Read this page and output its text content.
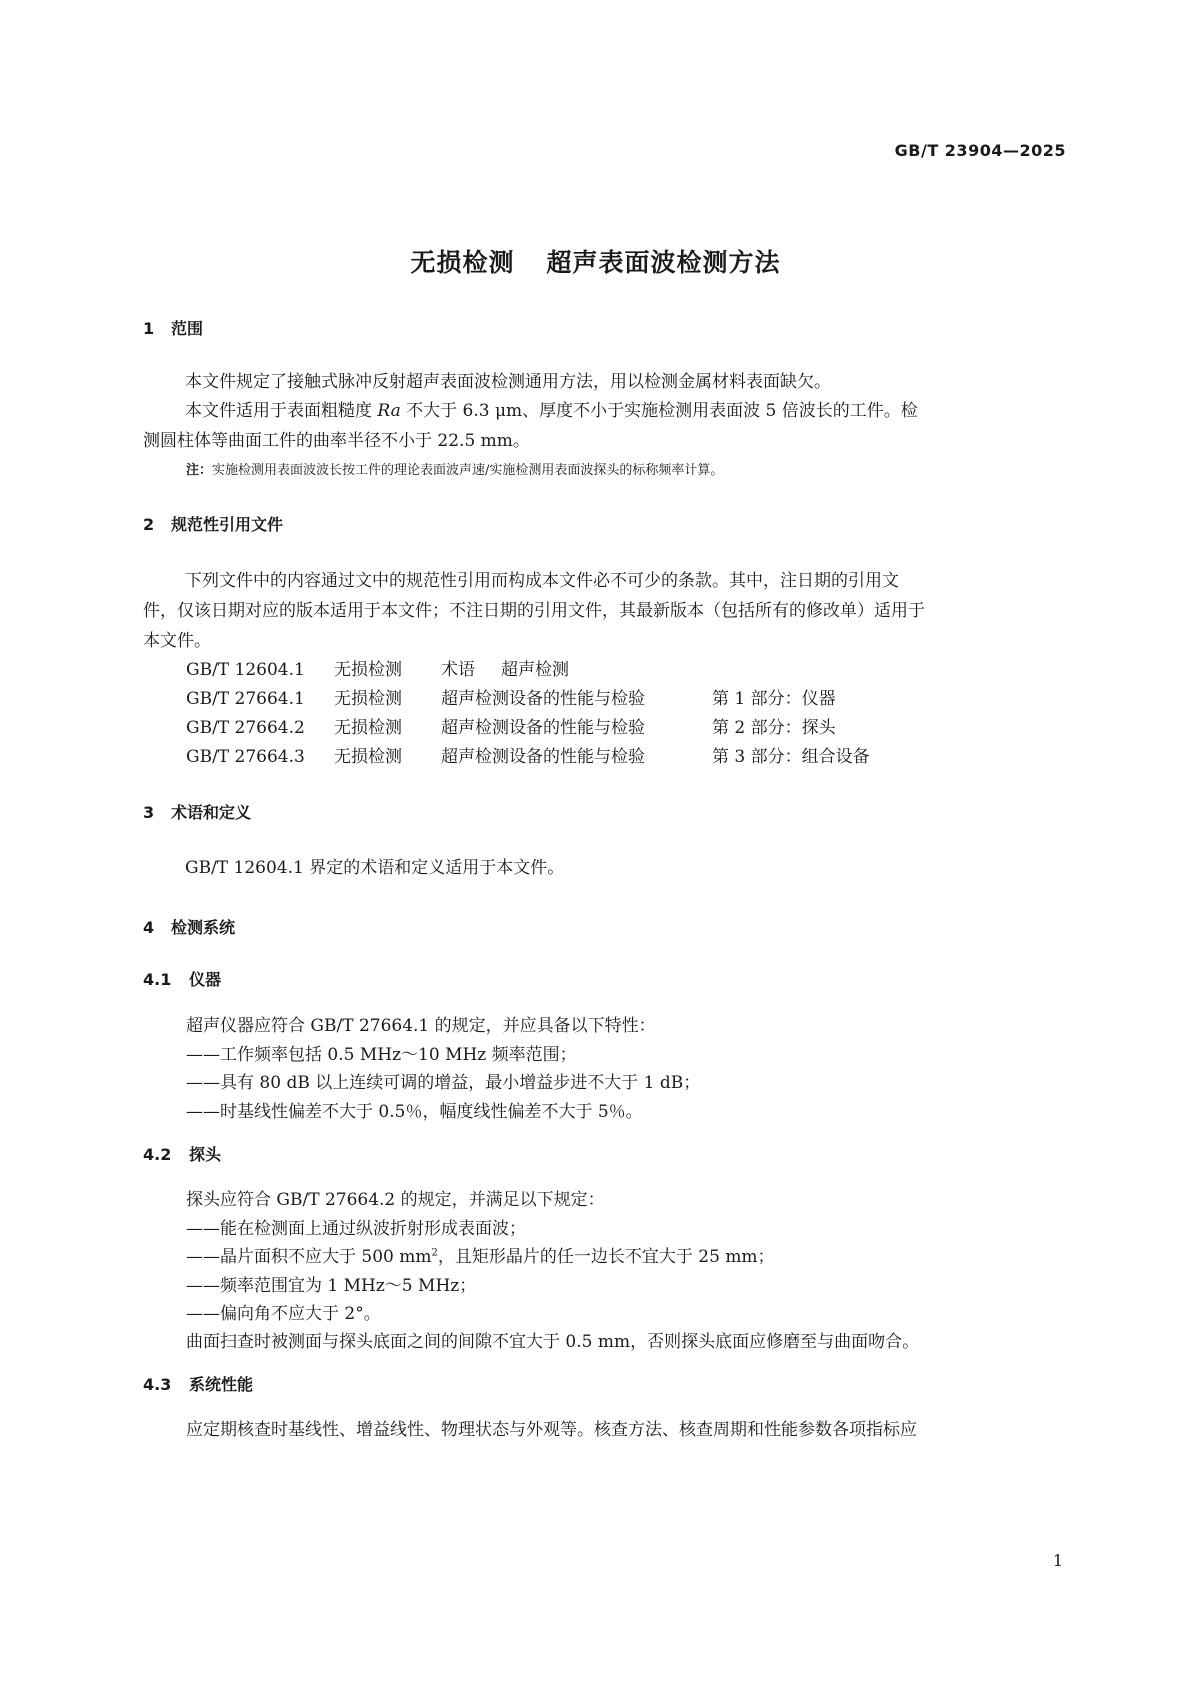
GB/T 23904—2025
无损检测 超声表面波检测方法
1 范围

本文件规定了接触式脉冲反射超声表面波检测通用方法，用以检测金属材料表面缺欠。

本文件适用于表面粗糙度 Ra 不大于 6.3 μm、厚度不小于实施检测用表面波 5 倍波长的工件。检
测圆柱体等曲面工件的曲率半径不小于 22.5 mm。

注：实施检测用表面波波长按工件的理论表面波声速/实施检测用表面波探头的标称频率计算。
2 规范性引用文件

下列文件中的内容通过文中的规范性引用而构成本文件必不可少的条款。其中，注日期的引用文
件，仅该日期对应的版本适用于本文件；不注日期的引用文件，其最新版本（包括所有的修改单）适用于
本文件。

GB/T 12604.1 无损检测 术语 超声检测
GB/T 27664.1 无损检测 超声检测设备的性能与检验	第 1 部分：仪器
GB/T 27664.2 无损检测 超声检测设备的性能与检验	第 2 部分：探头
GB/T 27664.3 无损检测 超声检测设备的性能与检验	第 3 部分：组合设备
3 术语和定义

GB/T 12604.1 界定的术语和定义适用于本文件。

4 检测系统
4.1 仪器
超声仪器应符合 GB/T 27664.1 的规定，并应具备以下特性：
——工作频率包括 0.5 MHz～10 MHz 频率范围；
——具有 80 dB 以上连续可调的增益，最小增益步进不大于 1 dB；
——时基线性偏差不大于 0.5％，幅度线性偏差不大于 5％。
4.2 探头
探头应符合 GB/T 27664.2 的规定，并满足以下规定：
——能在检测面上通过纵波折射形成表面波；
——晶片面积不应大于 500 $mm^2$，且矩形晶片的任一边长不宜大于 25 mm；
——频率范围宜为 1 MHz～5 MHz；
——偏向角不应大于 2°。
曲面扫查时被测面与探头底面之间的间隙不宜大于 0.5 mm，否则探头底面应修磨至与曲面吻合。
4.3 系统性能
应定期核查时基线性、增益线性、物理状态与外观等。核查方法、核查周期和性能参数各项指标应
1
